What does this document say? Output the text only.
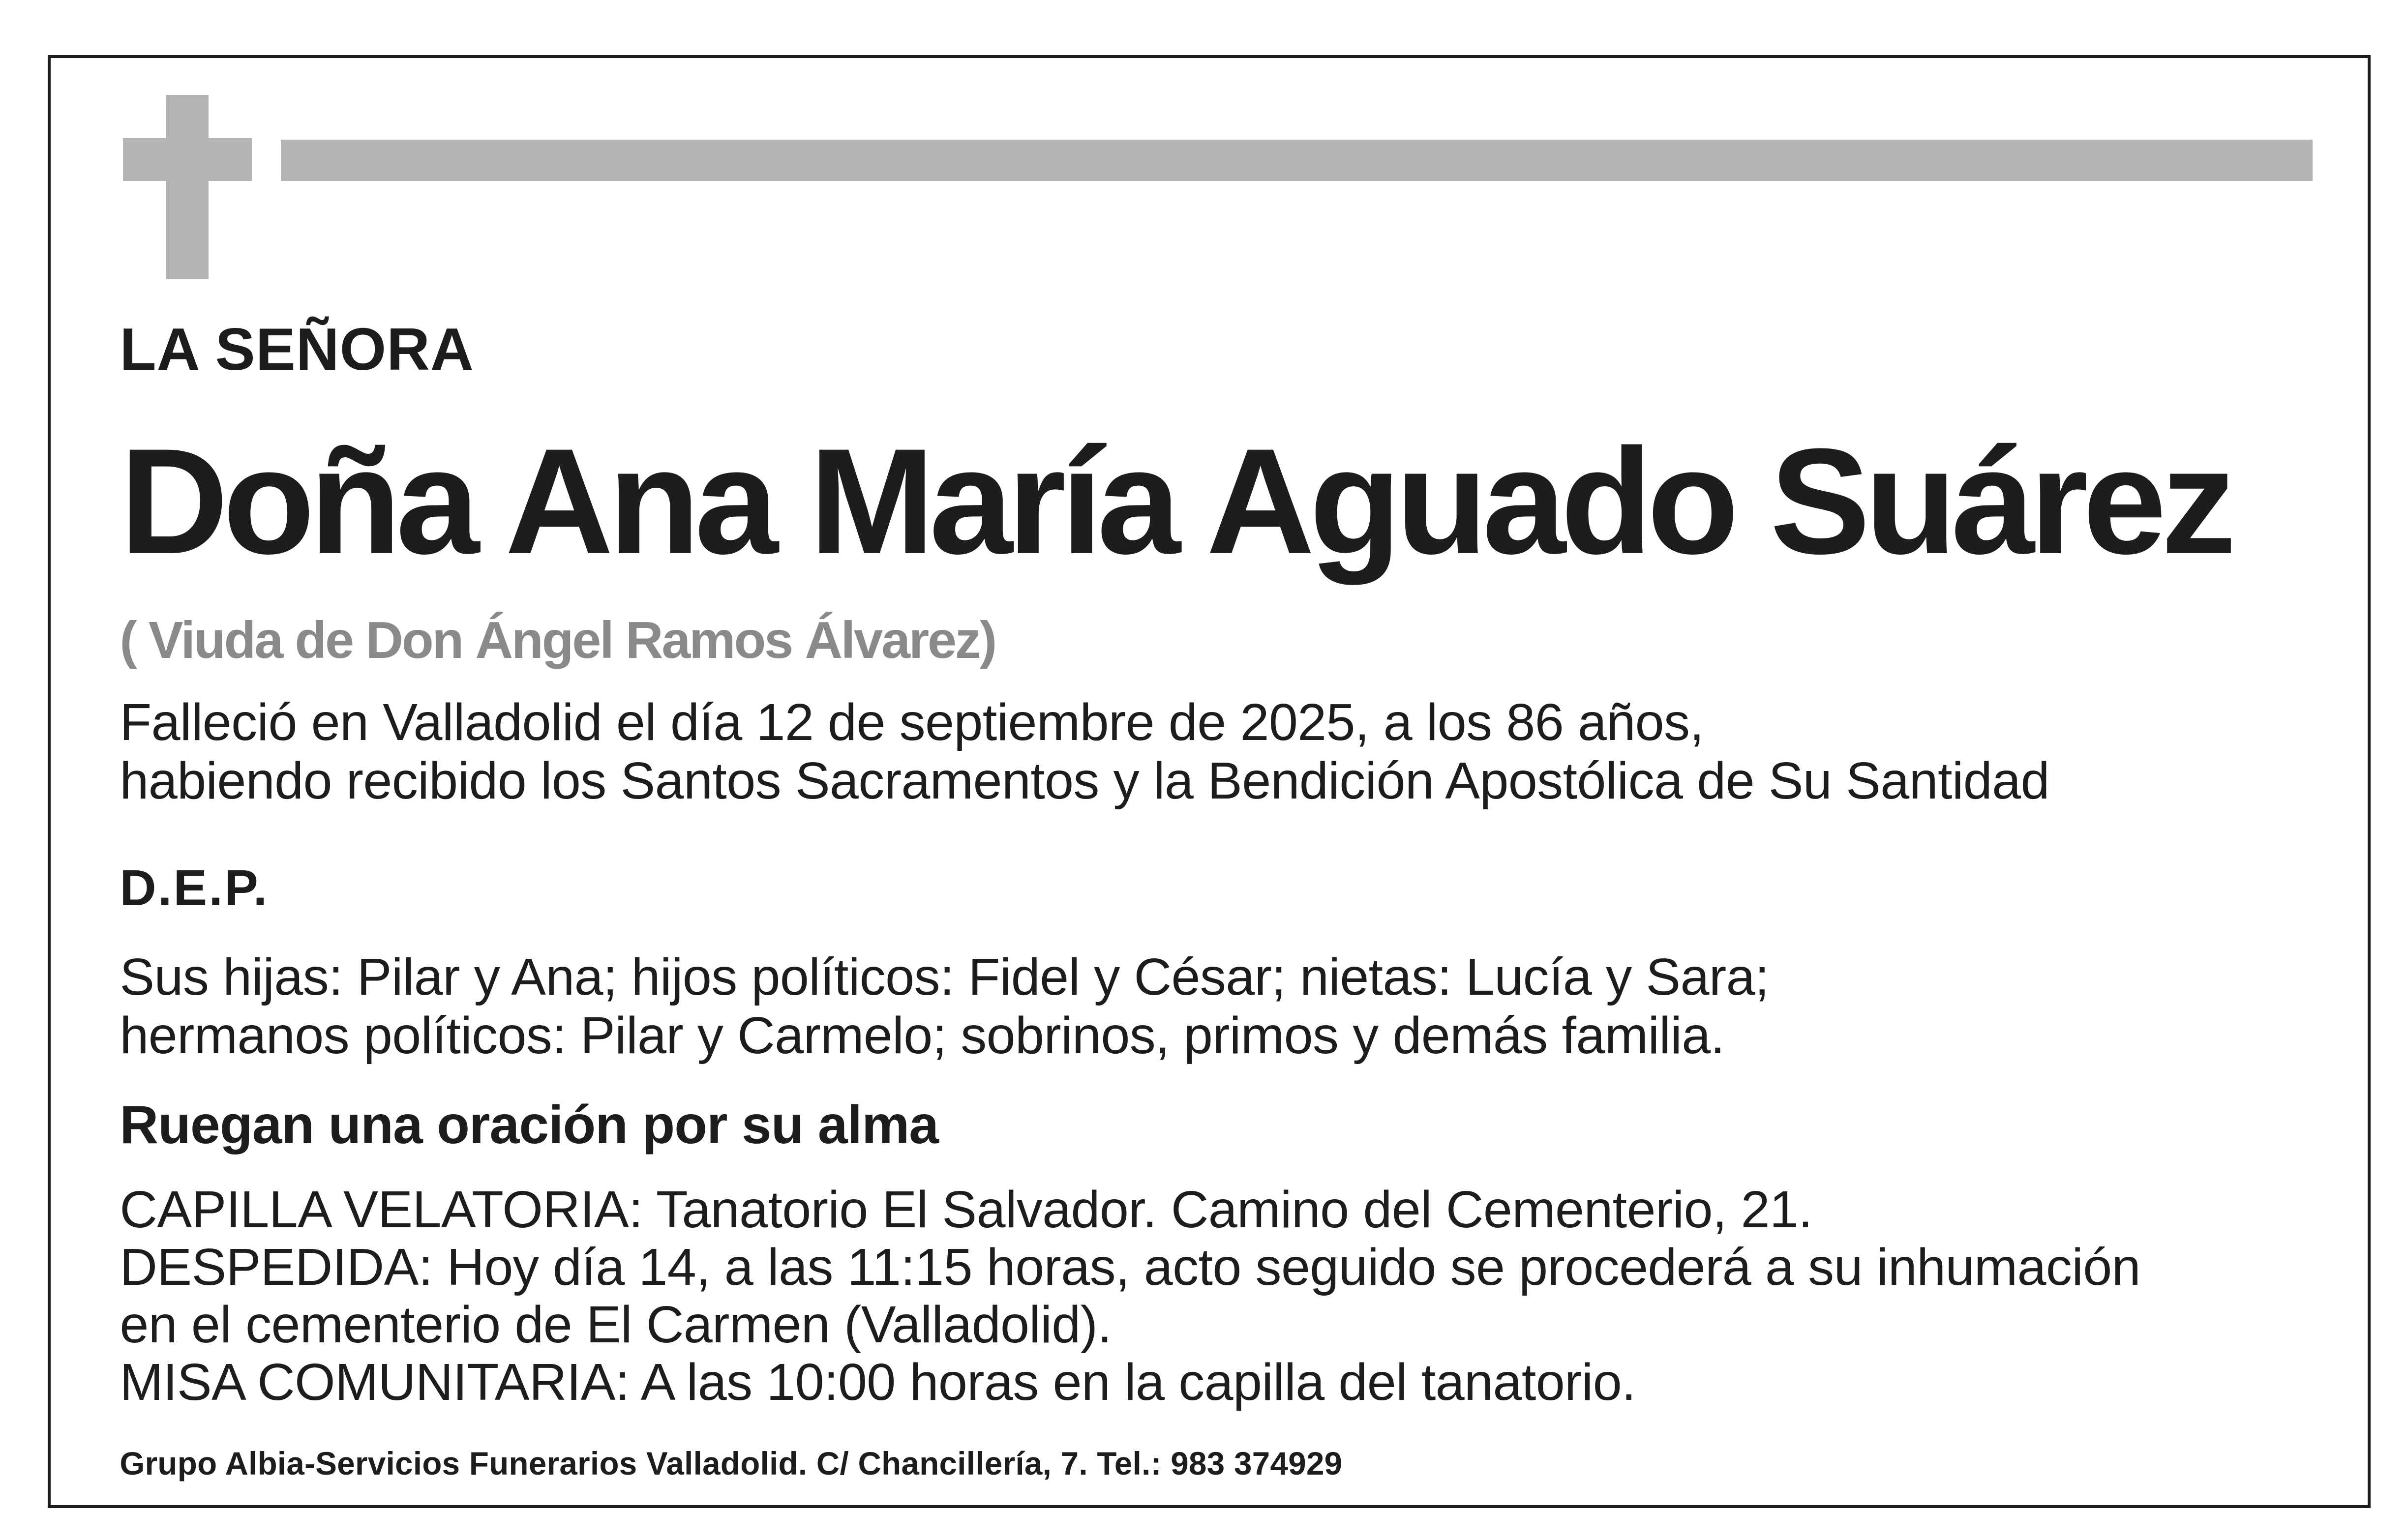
LA SEÑORA
Doña Ana María Aguado Suárez
( Viuda de Don Ángel Ramos Álvarez)
Falleció en Valladolid el día 12 de septiembre de 2025, a los 86 años,
habiendo recibido los Santos Sacramentos y la Bendición Apostólica de Su Santidad
D.E.P.
Sus hijas: Pilar y Ana; hijos políticos: Fidel y César; nietas: Lucía y Sara;
hermanos políticos: Pilar y Carmelo; sobrinos, primos y demás familia.
Ruegan una oración por su alma
CAPILLA VELATORIA: Tanatorio El Salvador. Camino del Cementerio, 21.
DESPEDIDA: Hoy día 14, a las 11:15 horas, acto seguido se procederá a su inhumación
en el cementerio de El Carmen (Valladolid).
MISA COMUNITARIA: A las 10:00 horas en la capilla del tanatorio.
Grupo Albia-Servicios Funerarios Valladolid. C/ Chancillería, 7. Tel.: 983 374929
